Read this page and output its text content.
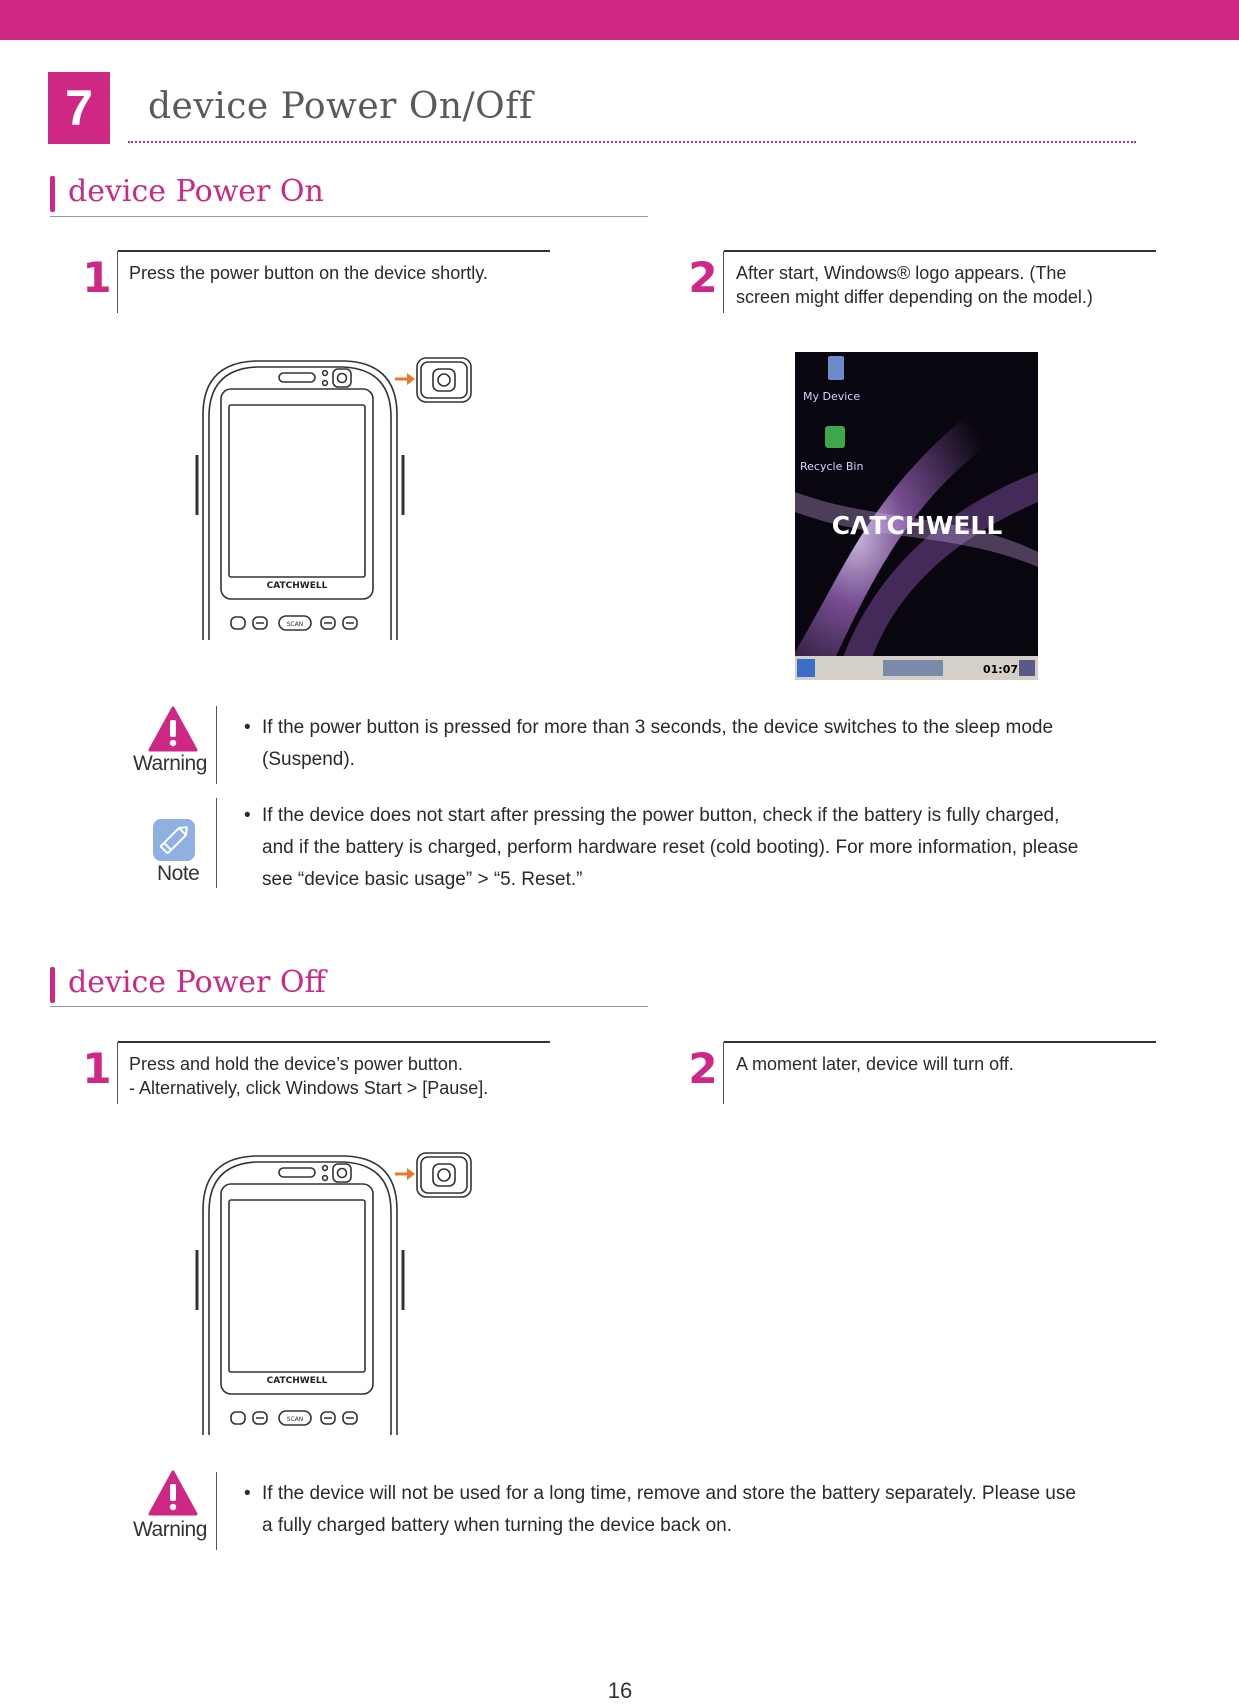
7	device Power On/Off
device Power On
1 Press the power button on the device shortly.	2 After start, Windows® logo appears. (The
screen might differ depending on the model.)
SCAN
CATCHWELL
My Device
Recycle Bin
CΛTCHWELL
01:07
Warning
• If the power button is pressed for more than 3 seconds, the device switches to the sleep mode
(Suspend).
Note
• If the device does not start after pressing the power button, check if the battery is fully charged,
and if the battery is charged, perform hardware reset (cold booting). For more information, please
see “device basic usage” > “5. Reset.”
device Power Off
1 Press and hold the device’s power button.
- Alternatively, click Windows Start > [Pause].	2 A moment later, device will turn off.
SCAN
CATCHWELL
Warning
• If the device will not be used for a long time, remove and store the battery separately. Please use
a fully charged battery when turning the device back on.
16
